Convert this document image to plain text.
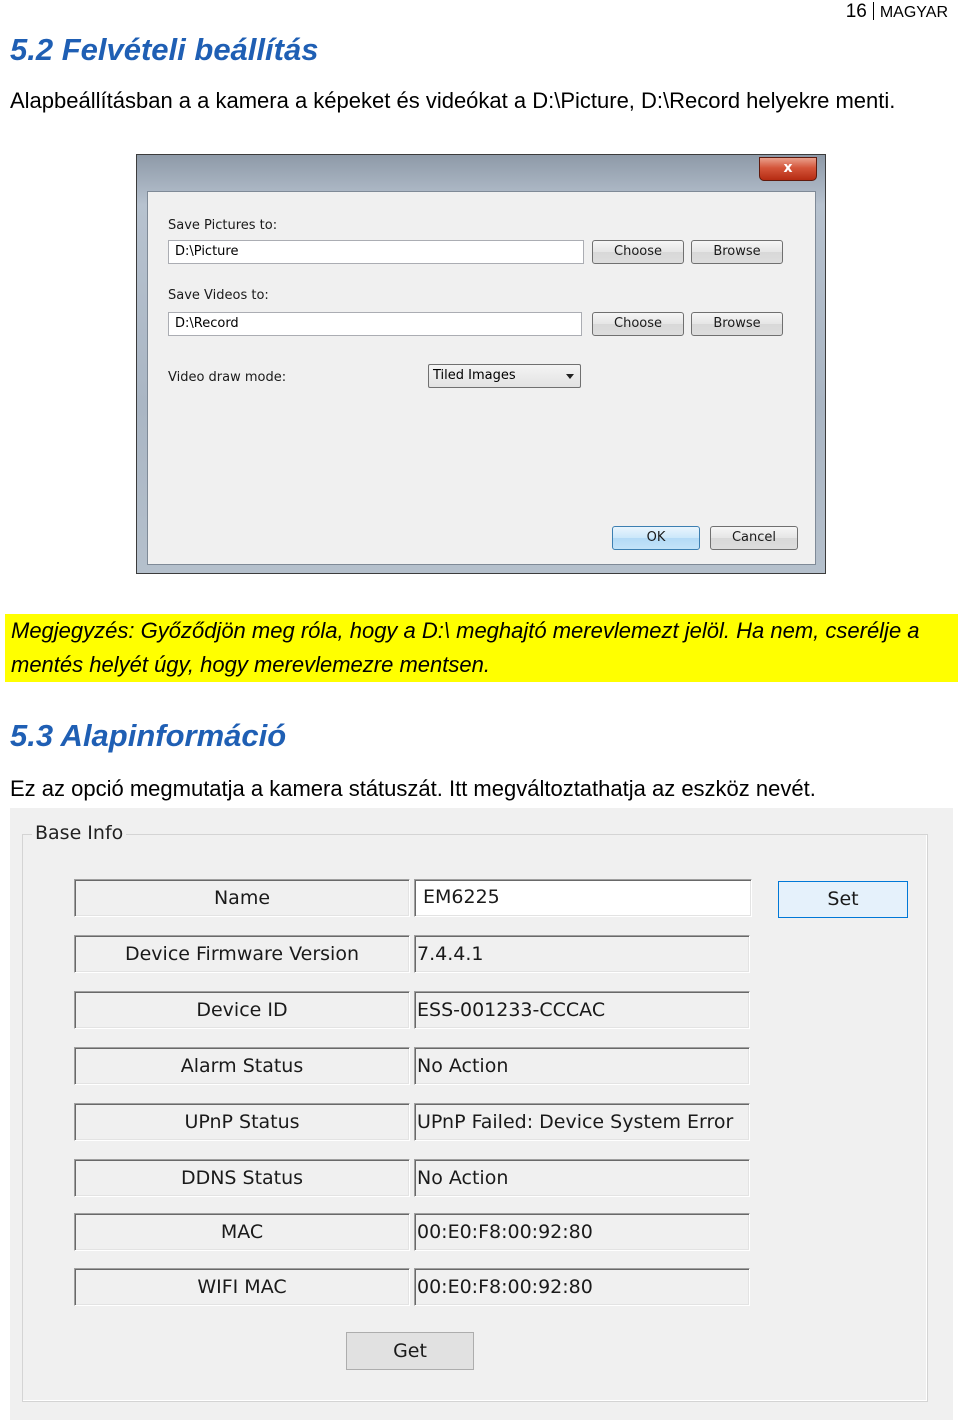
16 MAGYAR
5.2 Felvételi beállítás

Alapbeállításban a a kamera a képeket és videókat a D:\Picture, D:\Record helyekre menti.

x
Save Pictures to:
D:\Picture	Choose	Browse
Save Videos to:
D:\Record	Choose	Browse
Video draw mode:	Tiled Images
OK	Cancel

Megjegyzés: Győződjön meg róla, hogy a D:\ meghajtó merevlemezt jelöl. Ha nem, cserélje a mentés helyét úgy, hogy merevlemezre mentsen.

5.3 Alapinformáció

Ez az opció megmutatja a kamera státuszát. Itt megváltoztathatja az eszköz nevét.

Base Info
Name	EM6225	Set
Device Firmware Version	7.4.4.1
Device ID	ESS-001233-CCCAC
Alarm Status	No Action
UPnP Status	UPnP Failed: Device System Error
DDNS Status	No Action
MAC	00:E0:F8:00:92:80
WIFI MAC	00:E0:F8:00:92:80
Get
